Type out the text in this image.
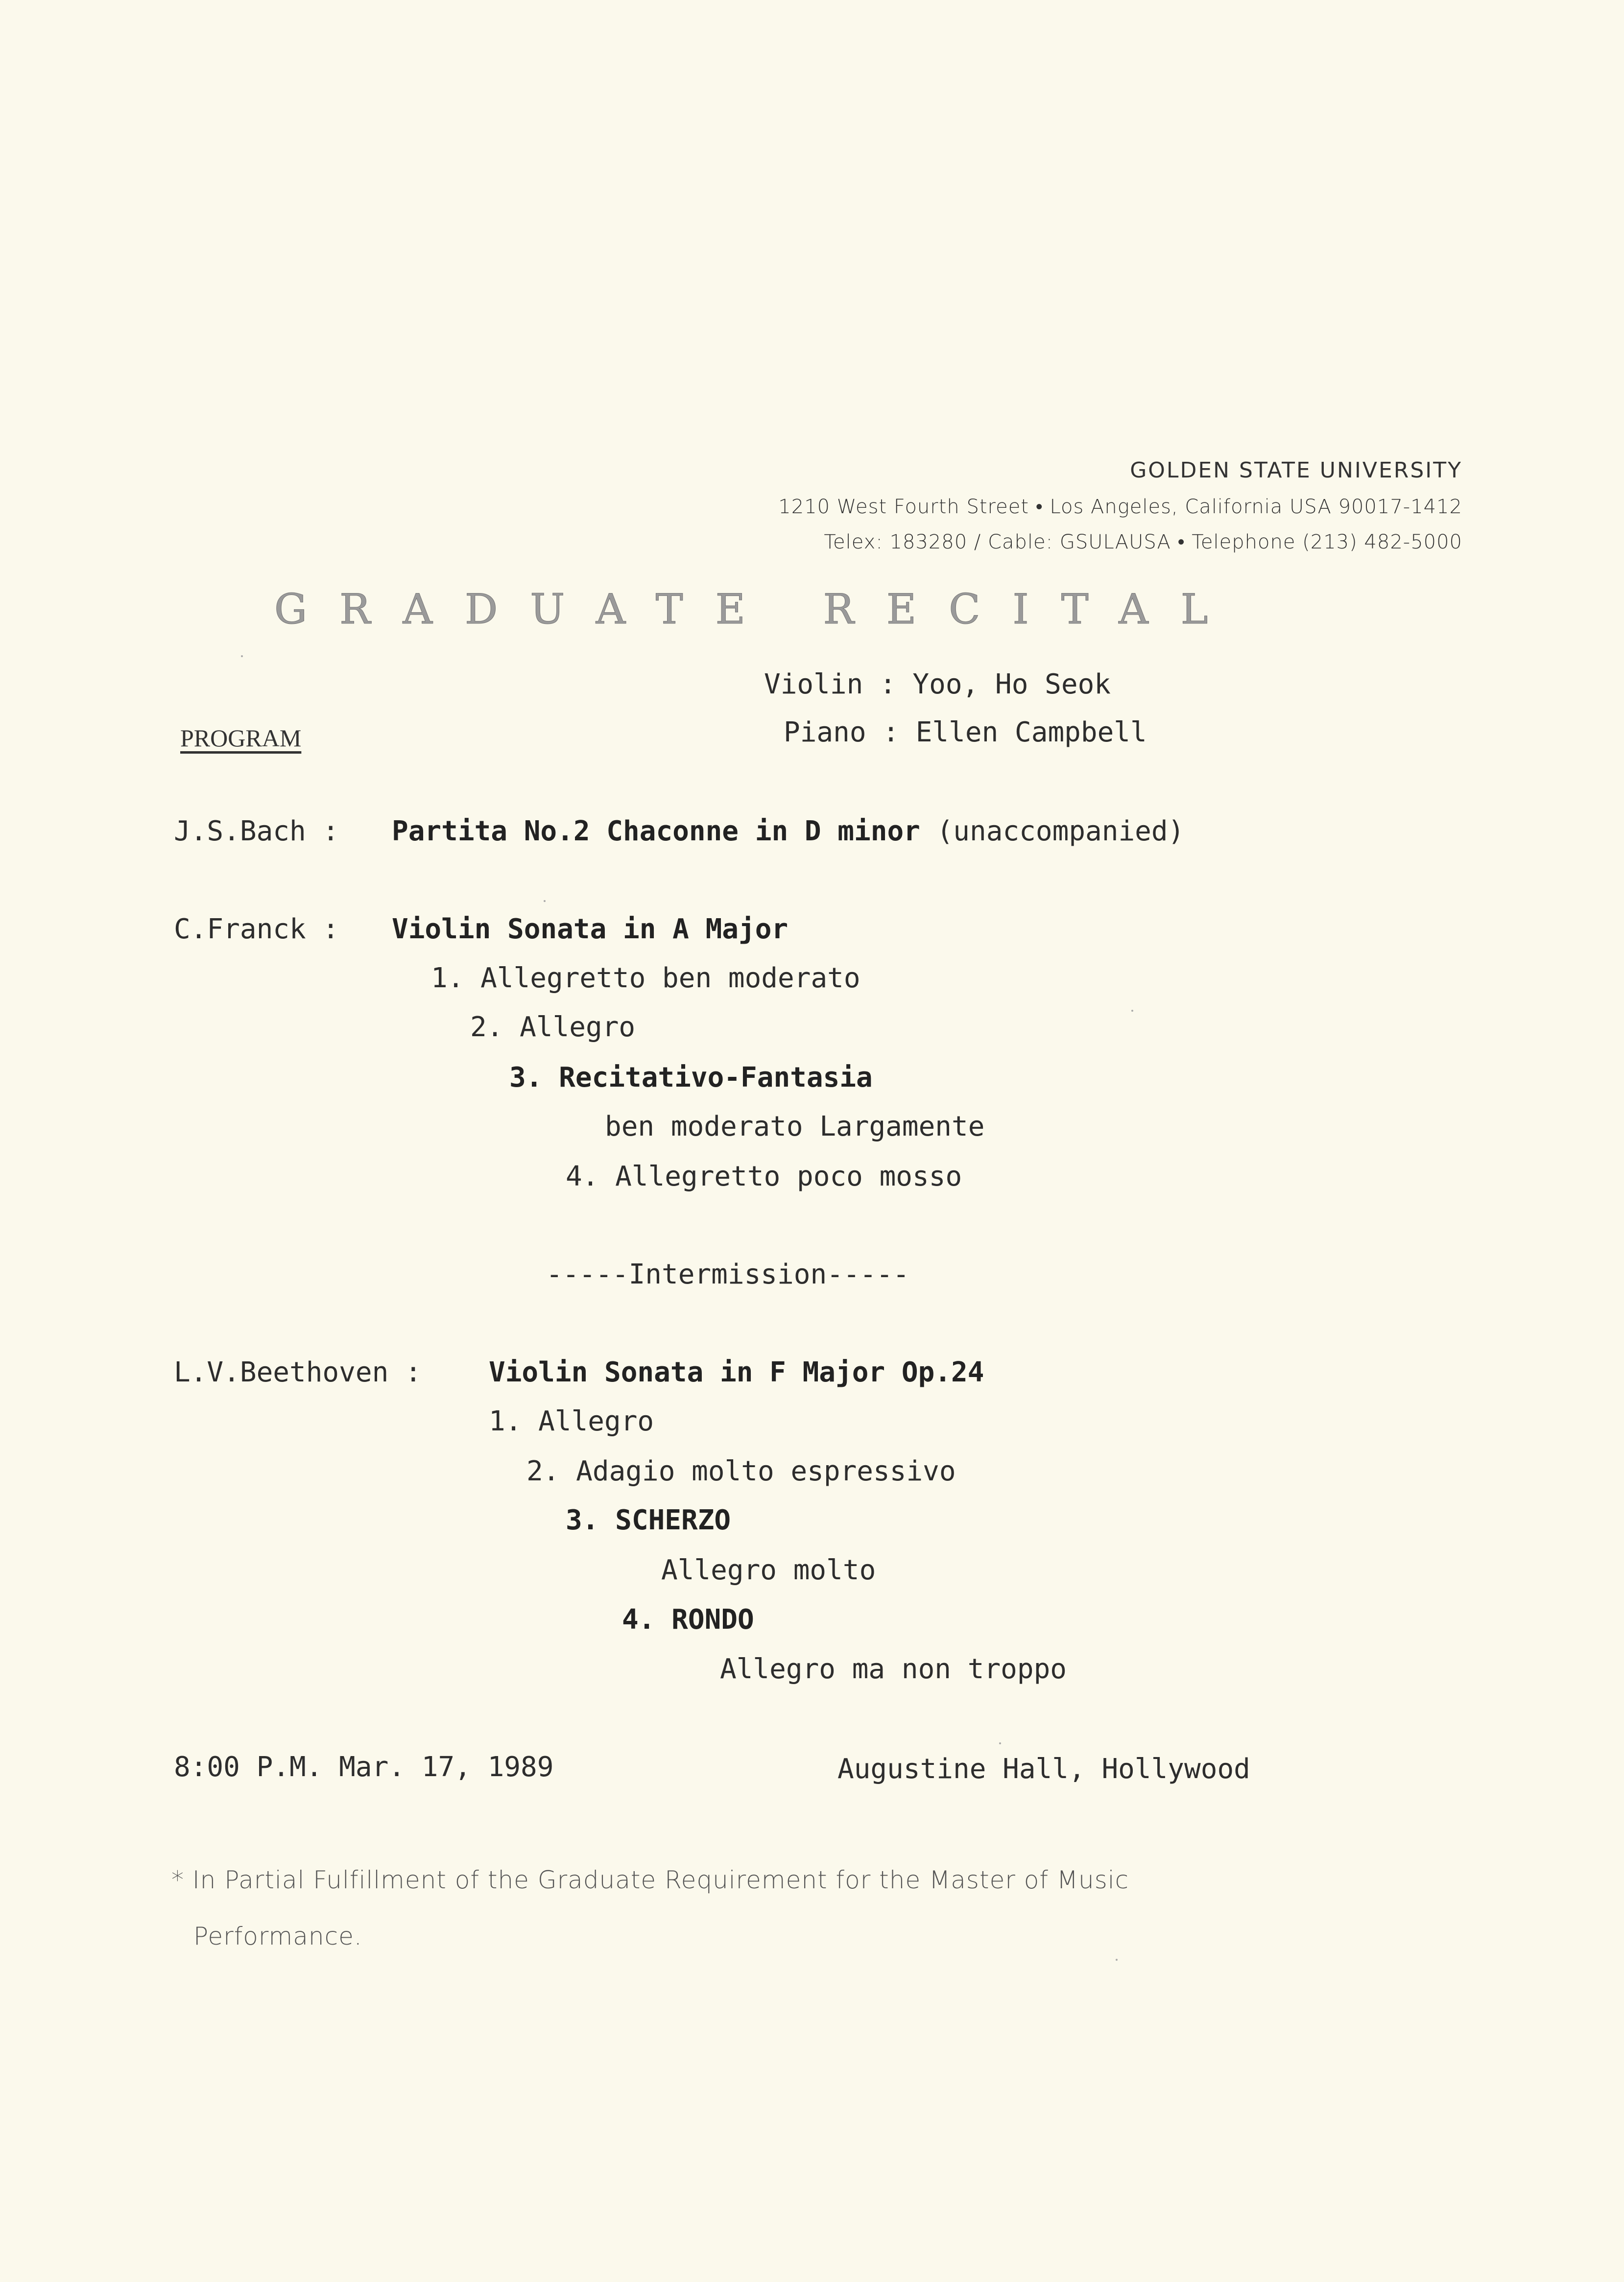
GOLDEN STATE UNIVERSITY
1210 West Fourth Street • Los Angeles, California USA 90017-1412
Telex: 183280 / Cable: GSULAUSA • Telephone (213) 482-5000
GRADUATE RECITAL
Violin : Yoo, Ho Seok
Piano : Ellen Campbell
PROGRAM
J.S.Bach : Partita No.2 Chaconne in D minor (unaccompanied)
C.Franck : Violin Sonata in A Major
1. Allegretto ben moderato
2. Allegro
3. Recitativo-Fantasia
ben moderato Largamente
4. Allegretto poco mosso
-----Intermission-----
L.V.Beethoven : Violin Sonata in F Major Op.24
1. Allegro
2. Adagio molto espressivo
3. SCHERZO
Allegro molto
4. RONDO
Allegro ma non troppo
8:00 P.M. Mar. 17, 1989	Augustine Hall, Hollywood
* In Partial Fulfillment of the Graduate Requirement for the Master of Music
Performance.
